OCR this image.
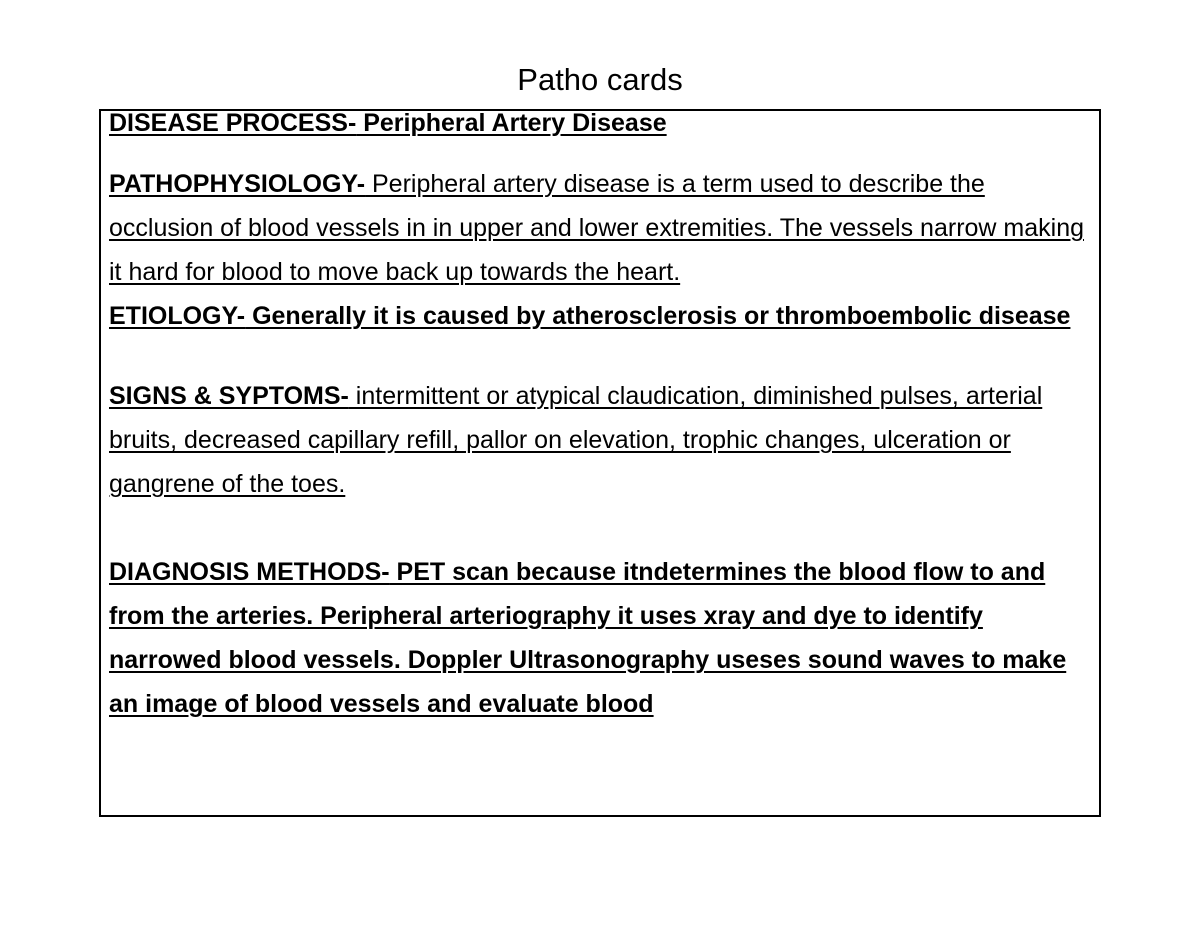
Patho cards

DISEASE PROCESS- Peripheral Artery Disease

PATHOPHYSIOLOGY- Peripheral artery disease is a term used to describe the occlusion of blood vessels in in upper and lower extremities. The vessels narrow making it hard for blood to move back up towards the heart.

ETIOLOGY- Generally it is caused by atherosclerosis or thromboembolic disease

SIGNS & SYPTOMS- intermittent or atypical claudication, diminished pulses, arterial bruits, decreased capillary refill, pallor on elevation, trophic changes, ulceration or gangrene of the toes.

DIAGNOSIS METHODS- PET scan because itndetermines the blood flow to and from the arteries. Peripheral arteriography it uses xray and dye to identify narrowed blood vessels. Doppler Ultrasonography useses sound waves to make an image of blood vessels and evaluate blood
